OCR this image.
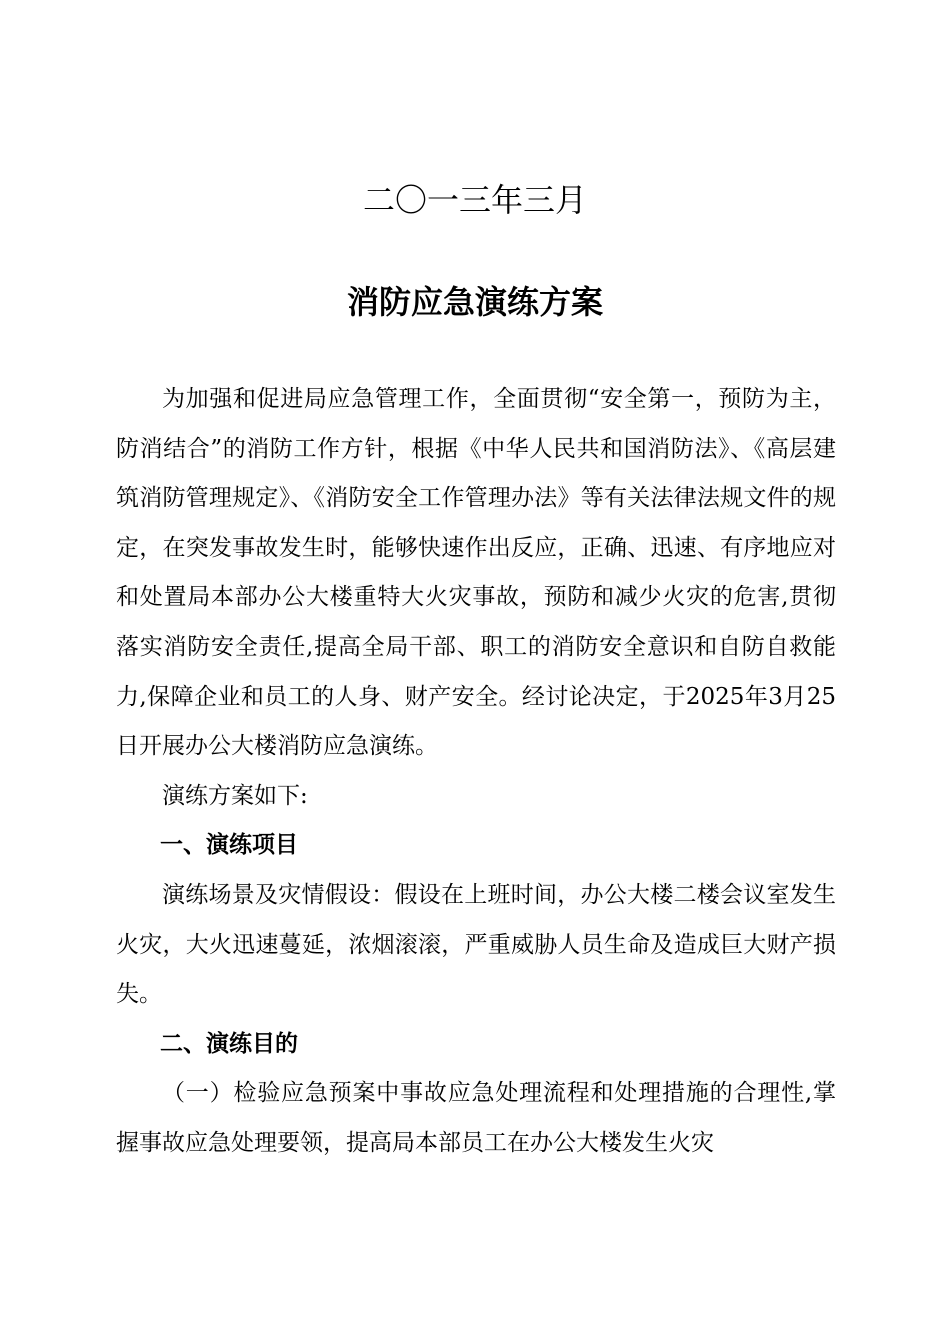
二〇一三年三月
消防应急演练方案

为加强和促进局应急管理工作，全面贯彻“安全第一，预防为主，防消结合”的消防工作方针，根据《中华人民共和国消防法》、《高层建筑消防管理规定》、《消防安全工作管理办法》等有关法律法规文件的规定，在突发事故发生时，能够快速作出反应，正确、迅速、有序地应对和处置局本部办公大楼重特大火灾事故，预防和减少火灾的危害,贯彻落实消防安全责任,提高全局干部、职工的消防安全意识和自防自救能力,保障企业和员工的人身、财产安全。经讨论决定，于2025年3月25日开展办公大楼消防应急演练。

演练方案如下:

一、演练项目

演练场景及灾情假设：假设在上班时间，办公大楼二楼会议室发生火灾，大火迅速蔓延，浓烟滚滚，严重威胁人员生命及造成巨大财产损失。

二、演练目的

（一）检验应急预案中事故应急处理流程和处理措施的合理性,掌握事故应急处理要领，提高局本部员工在办公大楼发生火灾
